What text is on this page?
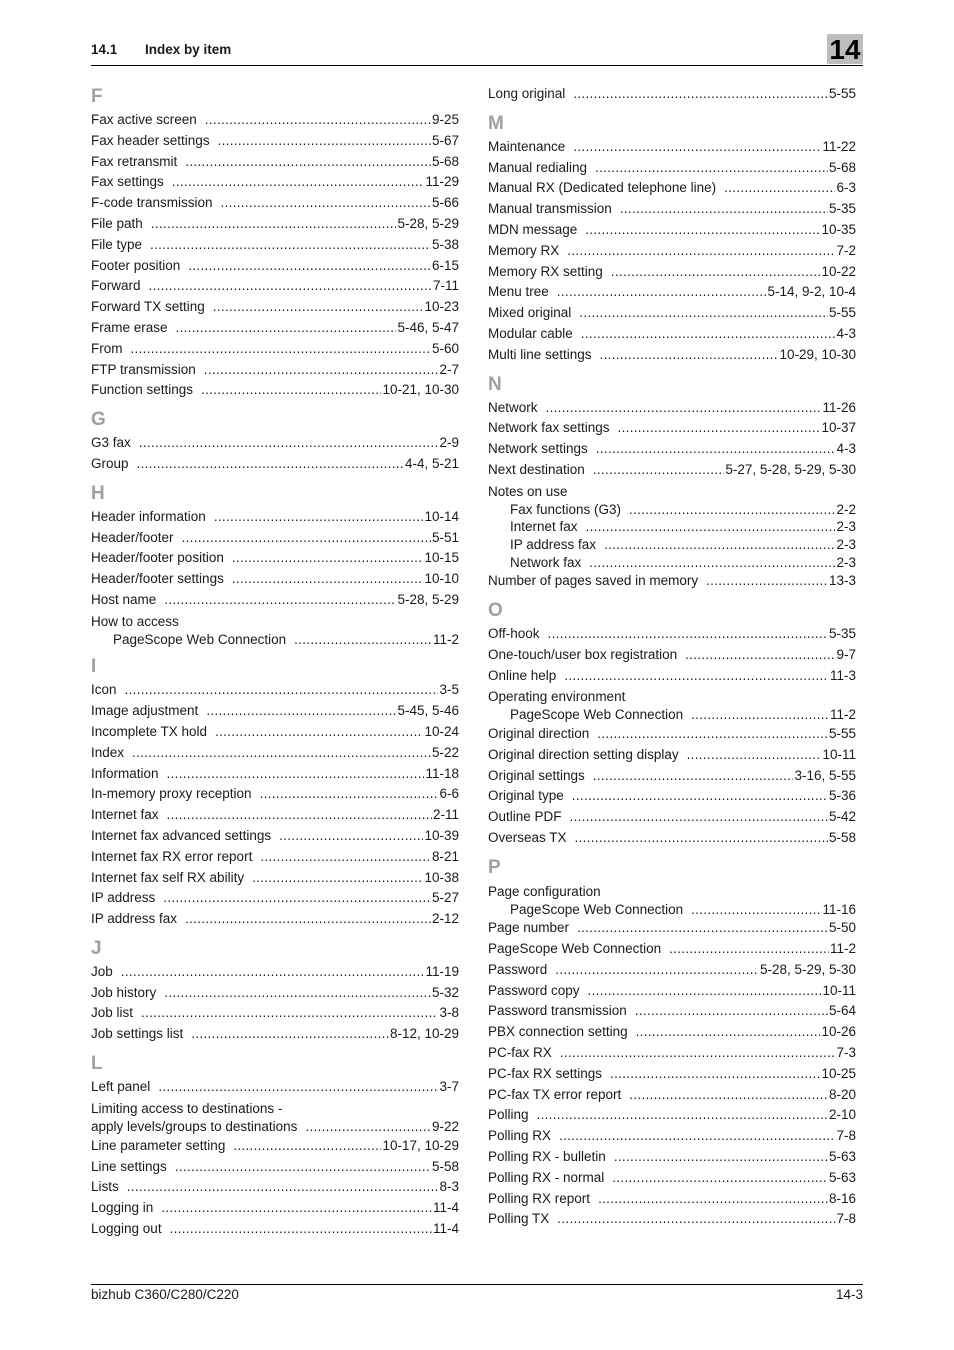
14.1 Index by item	14
F
Fax active screen .....	9-25
Fax header settings .....	5-67
Fax retransmit .....	5-68
Fax settings .....	11-29
F-code transmission .....	5-66
File path .....	5-28, 5-29
File type .....	5-38
Footer position .....	6-15
Forward .....	7-11
Forward TX setting .....	10-23
Frame erase .....	5-46, 5-47
From .....	5-60
FTP transmission .....	2-7
Function settings .....	10-21, 10-30
G
G3 fax .....	2-9
Group .....	4-4, 5-21
H
Header information .....	10-14
Header/footer .....	5-51
Header/footer position .....	10-15
Header/footer settings .....	10-10
Host name .....	5-28, 5-29
How to access
PageScope Web Connection .....	11-2
I
Icon .....	3-5
Image adjustment .....	5-45, 5-46
Incomplete TX hold .....	10-24
Index .....	5-22
Information .....	11-18
In-memory proxy reception .....	6-6
Internet fax .....	2-11
Internet fax advanced settings .....	10-39
Internet fax RX error report .....	8-21
Internet fax self RX ability .....	10-38
IP address .....	5-27
IP address fax .....	2-12
J
Job .....	11-19
Job history .....	5-32
Job list .....	3-8
Job settings list .....	8-12, 10-29
L
Left panel .....	3-7
Limiting access to destinations -
apply levels/groups to destinations .....	9-22
Line parameter setting .....	10-17, 10-29
Line settings .....	5-58
Lists .....	8-3
Logging in .....	11-4
Logging out .....	11-4
Long original .....	5-55
M
Maintenance .....	11-22
Manual redialing .....	5-68
Manual RX (Dedicated telephone line) .....	6-3
Manual transmission .....	5-35
MDN message .....	10-35
Memory RX .....	7-2
Memory RX setting .....	10-22
Menu tree .....	5-14, 9-2, 10-4
Mixed original .....	5-55
Modular cable .....	4-3
Multi line settings .....	10-29, 10-30
N
Network .....	11-26
Network fax settings .....	10-37
Network settings .....	4-3
Next destination .....	5-27, 5-28, 5-29, 5-30
Notes on use
Fax functions (G3) .....	2-2
Internet fax .....	2-3
IP address fax .....	2-3
Network fax .....	2-3
Number of pages saved in memory .....	13-3
O
Off-hook .....	5-35
One-touch/user box registration .....	9-7
Online help .....	11-3
Operating environment
PageScope Web Connection .....	11-2
Original direction .....	5-55
Original direction setting display .....	10-11
Original settings .....	3-16, 5-55
Original type .....	5-36
Outline PDF .....	5-42
Overseas TX .....	5-58
P
Page configuration
PageScope Web Connection .....	11-16
Page number .....	5-50
PageScope Web Connection .....	11-2
Password .....	5-28, 5-29, 5-30
Password copy .....	10-11
Password transmission .....	5-64
PBX connection setting .....	10-26
PC-fax RX .....	7-3
PC-fax RX settings .....	10-25
PC-fax TX error report .....	8-20
Polling .....	2-10
Polling RX .....	7-8
Polling RX - bulletin .....	5-63
Polling RX - normal .....	5-63
Polling RX report .....	8-16
Polling TX .....	7-8
bizhub C360/C280/C220	14-3
